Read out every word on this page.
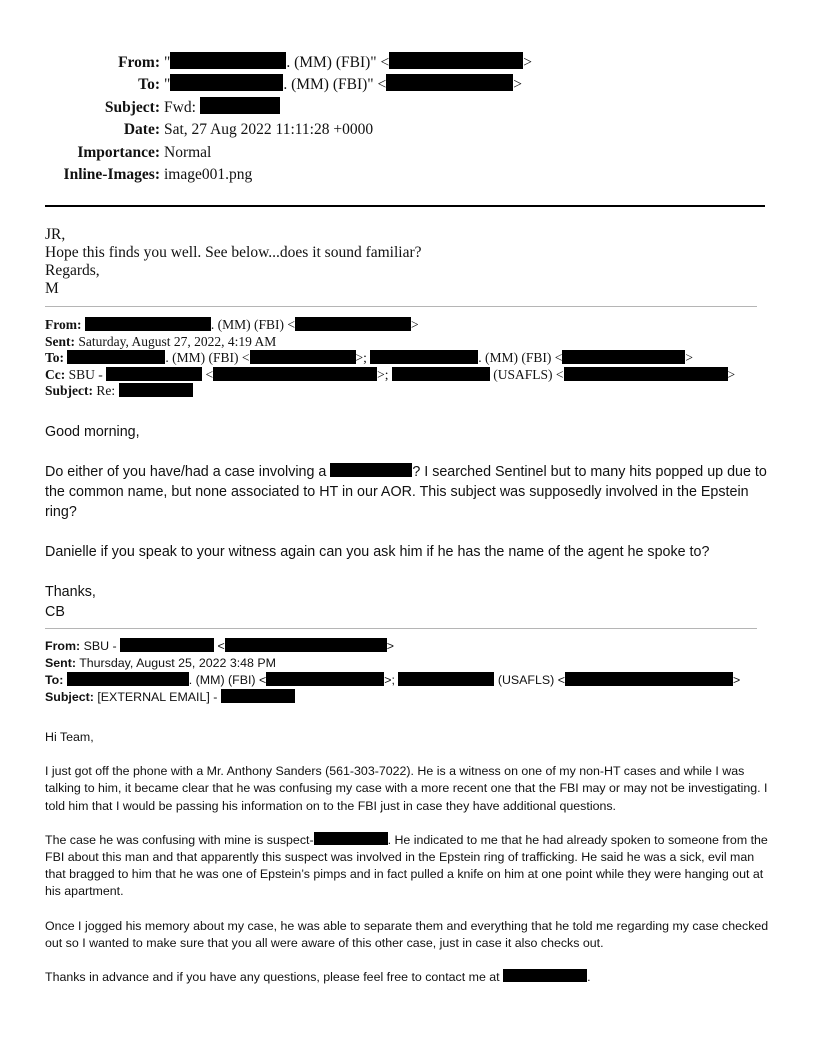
From: "	. (MM) (FBI)" <	>
To: "	. (MM) (FBI)" <	>
Subject: Fwd:
Date: Sat, 27 Aug 2022 11:11:28 +0000
Importance: Normal
Inline-Images: image001.png
JR,
Hope this finds you well. See below...does it sound familiar?
Regards,
M
From:	. (MM) (FBI) <	>
Sent: Saturday, August 27, 2022, 4:19 AM
To:	. (MM) (FBI) <	>;	. (MM) (FBI) <	>
Cc: SBU -	<	>;	(USAFLS) <	>
Subject: Re:

Good morning,

Do either of you have/had a case involving a	? I searched Sentinel but to many hits popped up due to the common name, but none associated to HT in our AOR. This subject was supposedly involved in the Epstein ring?

Danielle if you speak to your witness again can you ask him if he has the name of the agent he spoke to?

Thanks,

CB

From: SBU -	<	>
Sent: Thursday, August 25, 2022 3:48 PM
To:	. (MM) (FBI) <	>;	(USAFLS) <	>
Subject: [EXTERNAL EMAIL] -

Hi Team,

I just got off the phone with a Mr. Anthony Sanders (561-303-7022). He is a witness on one of my non-HT cases and while I was talking to him, it became clear that he was confusing my case with a more recent one that the FBI may or may not be investigating. I told him that I would be passing his information on to the FBI just in case they have additional questions.

The case he was confusing with mine is suspect-	. He indicated to me that he had already spoken to someone from the FBI about this man and that apparently this suspect was involved in the Epstein ring of trafficking. He said he was a sick, evil man that bragged to him that he was one of Epstein’s pimps and in fact pulled a knife on him at one point while they were hanging out at his apartment.

Once I jogged his memory about my case, he was able to separate them and everything that he told me regarding my case checked out so I wanted to make sure that you all were aware of this other case, just in case it also checks out.

Thanks in advance and if you have any questions, please feel free to contact me at	.
